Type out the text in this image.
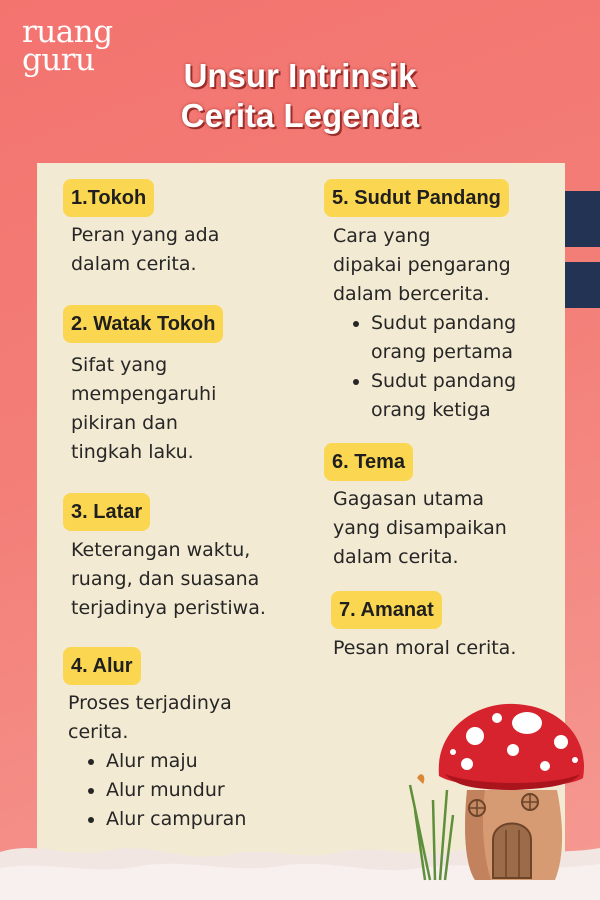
ruang
guru	Unsur Intrinsik
Cerita Legenda
1.Tokoh

Peran yang ada

dalam cerita.

2. Watak Tokoh

Sifat yang

mempengaruhi

pikiran dan

tingkah laku.

3. Latar

Keterangan waktu,

ruang, dan suasana

terjadinya peristiwa.

4. Alur

Proses terjadinya

cerita.

• Alur maju
• Alur mundur
• Alur campuran
5. Sudut Pandang

Cara yang

dipakai pengarang

dalam bercerita.

• Sudut pandang orang pertama
• Sudut pandang orang ketiga
6. Tema

Gagasan utama

yang disampaikan

dalam cerita.

7. Amanat

Pesan moral cerita.
